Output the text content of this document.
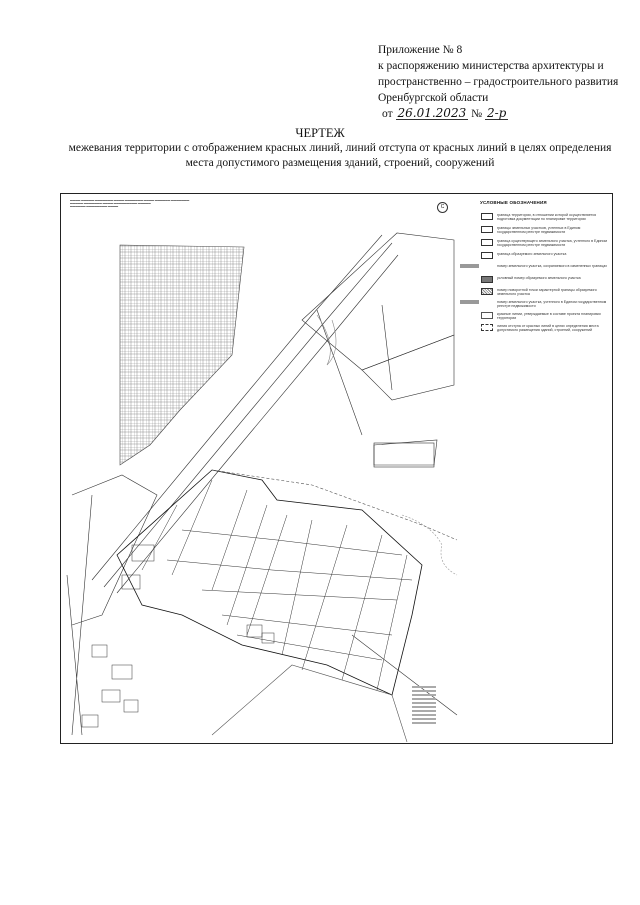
Приложение № 8
к распоряжению министерства архитектуры и
пространственно – градостроительного развития
Оренбургской области
от 26.01.2023 № 2-р
ЧЕРТЕЖ
межевания территории с отображением красных линий, линий отступа от красных линий в целях определения места допустимого размещения зданий, строений, сооружений
▬▬▬▬ ▬▬▬▬▬ ▬▬▬▬▬▬▬ ▬▬▬▬ ▬▬▬▬▬▬▬ ▬▬▬▬ ▬▬▬▬▬▬ ▬▬▬▬▬▬▬
▬▬▬▬▬ ▬▬▬▬▬▬▬ ▬▬▬▬ ▬▬▬▬▬▬▬▬▬ ▬▬▬▬▬
▬▬▬▬▬▬ ▬▬▬▬▬▬▬▬ ▬▬▬▬	С
УСЛОВНЫЕ ОБОЗНАЧЕНИЯ
граница территории, в отношении которой осуществляется подготовка документации по планировке территории
границы земельных участков, учтенных в Едином государственном реестре недвижимости
граница существующего земельного участка, учтенного в Едином государственном реестре недвижимости
граница образуемого земельного участка
номер земельного участка, сохраняемого в измененных границах
условный номер образуемого земельного участка
номер поворотной точки характерной границы образуемого земельного участка
номер земельного участка, учтенного в Едином государственном реестре недвижимости
красные линии, утверждаемые в составе проекта планировки территории
линия отступа от красных линий в целях определения места допустимого размещения зданий, строений, сооружений
